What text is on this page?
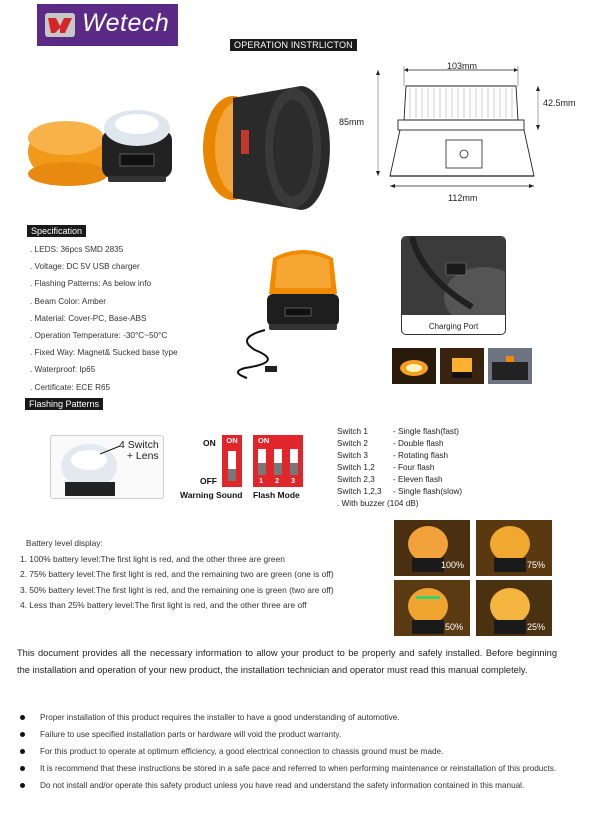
Wetech
OPERATION INSTRLICTON
103mm
42.5mm
85mm
112mm
Specification
. LEDS: 36pcs SMD 2835
. Voltage: DC 5V USB charger
. Flashing Patterns: As below info
. Beam Color: Amber
. Material: Cover-PC, Base-ABS
. Operation Temperature: -30°C~50°C
. Fixed Way: Magnet& Sucked base type
. Waterproof: Ip65
. Certificate: ECE R65
Charging Port
Flashing Patterns
4 Switch
+ Lens
ON
OFF
ON	ON
1 2 3
Warning Sound Flash Mode
Switch 1	- Single flash(fast)
Switch 2	- Double flash
Switch 3	- Rotating flash
Switch 1,2 - Four flash
Switch 2,3 - Eleven flash
Switch 1,2,3 - Single flash(slow)
. With buzzer (104 dB)
Battery level display:
1. 100% battery level:The first light is red, and the other three are green
2. 75% battery level:The first light is red, and the remaining two are green (one is off)
3. 50% battery level:The first light is red, and the remaining one is green (two are off)
4. Less than 25% battery level:The first light is red, and the other three are off
100%	75%
50%	25%
This document provides all the necessary information to allow your product to be properly and safely installed. Before beginning the installation and operation of your new product, the installation technician and operator must read this manual completely.
Proper installation of this product requires the installer to have a good understanding of automotive.
Failure to use specified installation parts or hardware will void the product warranty.
For this product to operate at optimum efficiency, a good electrical connection to chassis ground must be made.
It is recommend that these instructions be stored in a safe pace and referred to when performing maintenance or reinstallation of this products.
Do not install and/or operate this safety product unless you have read and understand the safety information contained in this manual.
